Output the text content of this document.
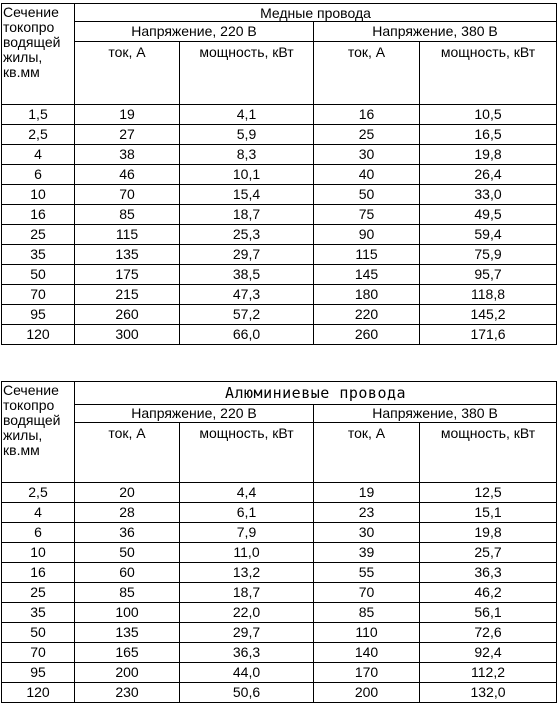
Сечение
токопро
водящей
жилы,
кв.мм	Медные провода			
	Напряжение, 220 В		Напряжение, 380 В	
	ток, А	мощность, кВт	ток, А	мощность, кВт
1,5	19	4,1	16	10,5
2,5	27	5,9	25	16,5
4	38	8,3	30	19,8
6	46	10,1	40	26,4
10	70	15,4	50	33,0
16	85	18,7	75	49,5
25	115	25,3	90	59,4
35	135	29,7	115	75,9
50	175	38,5	145	95,7
70	215	47,3	180	118,8
95	260	57,2	220	145,2
120	300	66,0	260	171,6
Сечение
токопро
водящей
жилы,
кв.мм	Алюминиевые провода			
	Напряжение, 220 В		Напряжение, 380 В	
	ток, А	мощность, кВт	ток, А	мощность, кВт
2,5	20	4,4	19	12,5
4	28	6,1	23	15,1
6	36	7,9	30	19,8
10	50	11,0	39	25,7
16	60	13,2	55	36,3
25	85	18,7	70	46,2
35	100	22,0	85	56,1
50	135	29,7	110	72,6
70	165	36,3	140	92,4
95	200	44,0	170	112,2
120	230	50,6	200	132,0
